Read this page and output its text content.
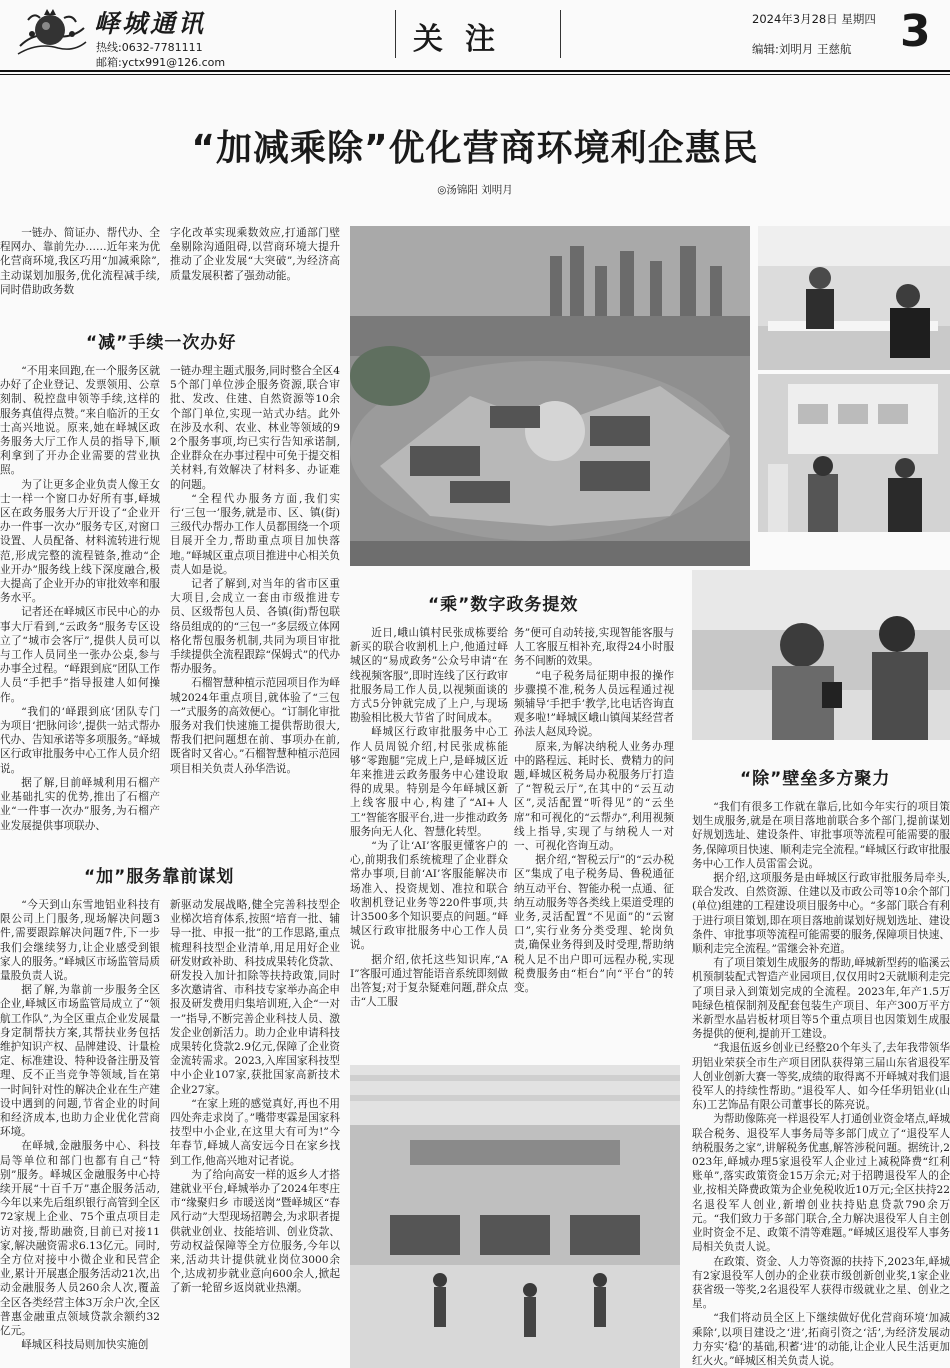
峄城通讯
热线:0632-7781111
邮箱:yctx991@126.com
关注
2024年3月28日 星期四
编辑:刘明月 王慈航 3
“加减乘除”优化营商环境利企惠民
◎汤锦阳 刘明月

一链办、简证办、帮代办、全程网办、靠前先办……近年来为优化营商环境,我区巧用“加减乘除”,主动谋划加服务,优化流程减手续,同时借助政务数

字化改革实现乘数效应,打通部门壁垒剔除沟通阻碍,以营商环境大提升推动了企业发展“大突破”,为经济高质量发展积蓄了强劲动能。
“减”手续一次办好

“不用来回跑,在一个服务区就办好了企业登记、发票领用、公章刻制、税控盘申领等手续,这样的服务真值得点赞。”来自临沂的王女士高兴地说。原来,她在峄城区政务服务大厅工作人员的指导下,顺利拿到了开办企业需要的营业执照。

为了让更多企业负责人像王女士一样一个窗口办好所有事,峄城区在政务服务大厅开设了“企业开办一件事一次办”服务专区,对窗口设置、人员配备、材料流转进行规范,形成完整的流程链条,推动“企业开办”服务线上线下深度融合,极大提高了企业开办的审批效率和服务水平。

记者还在峄城区市民中心的办事大厅看到,“云政务”服务专区设立了“城市会客厅”,提供人员可以与工作人员同坐一张办公桌,参与办事全过程。“峄跟到底”团队工作人员“手把手”指导报建人如何操作。

“我们的‘峄跟到底’团队专门为项目‘把脉问诊’,提供一站式帮办代办、告知承诺等多项服务。”峄城区行政审批服务中心工作人员介绍说。

据了解,目前峄城利用石榴产业基础扎实的优势,推出了石榴产业“一件事一次办”服务,为石榴产业发展提供事项联办、

一链办理主题式服务,同时整合全区45个部门单位涉企服务资源,联合审批、发改、住建、自然资源等10余个部门单位,实现一站式办结。此外在涉及水利、农业、林业等领域的92个服务事项,均已实行告知承诺制,企业群众在办事过程中可免于提交相关材料,有效解决了材料多、办证难的问题。

“全程代办服务方面,我们实行‘三包一’服务,就是市、区、镇(街)三级代办帮办工作人员都围绕一个项目展开全力,帮助重点项目加快落地。”峄城区重点项目推进中心相关负责人如是说。

记者了解到,对当年的省市区重大项目,会成立一套由市级推进专员、区级帮包人员、各镇(街)帮包联络员组成的的“三包一”多层级立体网格化帮包服务机制,共同为项目审批手续提供全流程跟踪“保姆式”的代办帮办服务。

石榴智慧种植示范园项目作为峄城2024年重点项目,就体验了“三包一”式服务的高效便心。“订制化审批服务对我们快速施工提供帮助很大,帮我们把问题想在前、事项办在前,既省时又省心。”石榴智慧种植示范园项目相关负责人孙华浩说。

“加”服务靠前谋划

“今天到山东雪地铝业科技有限公司上门服务,现场解决问题3件,需要跟踪解决问题7件,下一步我们会继续努力,让企业感受到银家人的服务。”峄城区市场监管局质量股负责人说。

据了解,为靠前一步服务全区企业,峄城区市场监管局成立了“领航工作队”,为全区重点企业发展量身定制帮扶方案,其帮扶业务包括维护知识产权、品牌建设、计量检定、标准建设、特种设备注册及管理、反不正当竞争等领域,旨在第一时间针对性的解决企业在生产建设中遇到的问题,节省企业的时间和经济成本,也助力企业优化营商环境。

在峄城,金融服务中心、科技局等单位和部门也都有自己“特别”服务。峄城区金融服务中心持续开展“十百千万”惠企服务活动,今年以来先后组织银行高管到全区72家规上企业、75个重点项目走访对接,帮助融资,目前已对接11家,解决融资需求6.13亿元。同时,全方位对接中小微企业和民营企业,累计开展惠企服务活动21次,出动金融服务人员260余人次,覆盖全区各类经营主体3万余户次,全区普惠金融重点领域贷款余额约32亿元。

峄城区科技局则加快实施创

新驱动发展战略,健全完善科技型企业梯次培育体系,按照“培育一批、辅导一批、申报一批”的工作思路,重点梳理科技型企业清单,用足用好企业研发财政补助、科技成果转化贷款、研发投入加计扣除等扶持政策,同时多次邀请省、市科技专家举办高企申报及研发费用归集培训班,入企“一对一”指导,不断完善企业科技人员、激发企业创新活力。助力企业申请科技成果转化贷款2.9亿元,保障了企业资金流转需求。2023,入库国家科技型中小企业107家,获批国家高新技术企业27家。

“在家上班的感觉真好,再也不用四处奔走求岗了。”嘴带枣霖是国家科技型中小企业,在这里大有可为!”今年春节,峄城人高安远今日在家乡找到工作,他高兴地对记者说。

为了给向高安一样的返乡人才搭建就业平台,峄城举办了2024年枣庄市“缘聚归乡 市暖送岗”暨峄城区“春风行动”大型现场招聘会,为求职者提供就业创业、技能培训、创业贷款、劳动权益保障等全方位服务,今年以来,活动共计提供就业岗位3000余个,达成初步就业意向600余人,掀起了新一轮留乡返岗就业热潮。

“乘”数字政务提效

近日,峨山镇村民张成栋要给新买的联合收割机上户,他通过峄城区的“易成政务”公众号申请“在线视频客服”,即时连线了区行政审批服务局工作人员,以视频面谈的方式5分钟就完成了上户,与现场勘验相比极大节省了时间成本。

峄城区行政审批服务中心工作人员周锐介绍,村民张成栋能够“零跑腿”完成上户,是峄城区近年来推进云政务服务中心建设取得的成果。特别是今年峄城区新上线客服中心,构建了“AI+人工”智能客服平台,进一步推动政务服务向无人化、智慧化转型。

“为了让‘AI’客服更懂客户的心,前期我们系统梳理了企业群众常办事项,目前‘AI’客服能解决市场准入、投资规划、准拉和联合收割机登记业务等220件事项,共计3500多个知识要点的问题。”峄城区行政审批服务中心工作人员说。

据介绍,依托这些知识库,“AI”客服可通过智能语音系统即刻做出答复;对于复杂疑难问题,群众点击“人工服

务”便可自动转接,实现智能客服与人工客服互相补充,取得24小时服务不间断的效果。

“电子税务局征期申报的操作步骤摸不准,税务人员远程通过视频辅导‘手把手’教学,比电话咨询直观多啦!”峄城区峨山镇闯某经营者孙法人赵凤玲说。

原来,为解决纳税人业务办理中的路程远、耗时长、费精力的问题,峄城区税务局办税服务厅打造了“智税云厅”,在其中的“云互动区”,灵活配置“听得见”的“云坐席”和可视化的“云帮办”,利用视频线上指导,实现了与纳税人一对一、可视化咨询互动。

据介绍,“智税云厅”的“云办税区”集成了电子税务局、鲁税通征纳互动平台、智能办税一点通、征纳互动服务等各类线上渠道受理的业务,灵活配置“不见面”的“云窗口”,实行业务分类受理、轮岗负责,确保业务得到及时受理,帮助纳税人足不出户即可远程办税,实现税费服务由“柜台”向“平台”的转变。

“除”壁垒多方聚力

“我们有很多工作就在靠后,比如今年实行的项目策划生成服务,就是在项目落地前联合多个部门,提前谋划好规划选址、建设条件、审批事项等流程可能需要的服务,保障项目快速、顺利走完全流程。”峄城区行政审批服务中心工作人员雷雷会说。

据介绍,这项服务是由峄城区行政审批服务局牵头,联合发改、自然资源、住建以及市政公司等10余个部门(单位)组建的工程建设项目服务中心。“多部门联合有利于进行项目策划,即在项目落地前谋划好规划选址、建设条件、审批事项等流程可能需要的服务,保障项目快速、顺利走完全流程。”雷继会补充道。

有了项目策划生成服务的帮助,峄城新型药的临溪云机预制装配式智造产业园项目,仅仅用时2天就顺利走完了项目录入到策划完成的全流程。2023年,年产1.5万吨绿色植保制剂及配套包装生产项目、年产300万平方米新型水晶岩板材项目等5个重点项目也因策划生成服务提供的便利,提前开工建设。

“我退伍返乡创业已经整20个年头了,去年我带领华玥铝业荣获全市生产项目团队获得第三届山东省退役军人创业创新大赛一等奖,成绩的取得离不开峄城对我们退役军人的持续性帮助。”退役军人、如今任华玥铝业(山东)工艺饰品有限公司董事长的陈亮说。

为帮助像陈亮一样退役军人打通创业资金堵点,峄城联合税务、退役军人事务局等多部门成立了“退役军人纳税服务之家”,讲解税务优惠,解答涉税问题。据统计,2023年,峄城办理5家退役军人企业过上减税降费“红利账单”,落实政策资金15万余元;对于招聘退役军人的企业,按相关降费政策为企业免税收近10万元;全区扶持22名退役军人创业,新增创业扶持贴息贷款790余万元。“我们致力于多部门联合,全力解决退役军人自主创业时资金不足、政策不清等难题。”峄城区退役军人事务局相关负责人说。

在政策、资金、人力等资源的扶持下,2023年,峄城有2家退役军人创办的企业获市级创新创业奖,1家企业获省级一等奖,2名退役军人获得市级就业之星、创业之星。

“我们将动员全区上下继续做好优化营商环境‘加减乘除’,以项目建设之‘进’,拓商引资之‘活’,为经济发展动力夯实‘稳’的基础,积蓄‘进’的动能,让企业人民生活更加红火火。”峄城区相关负责人说。
